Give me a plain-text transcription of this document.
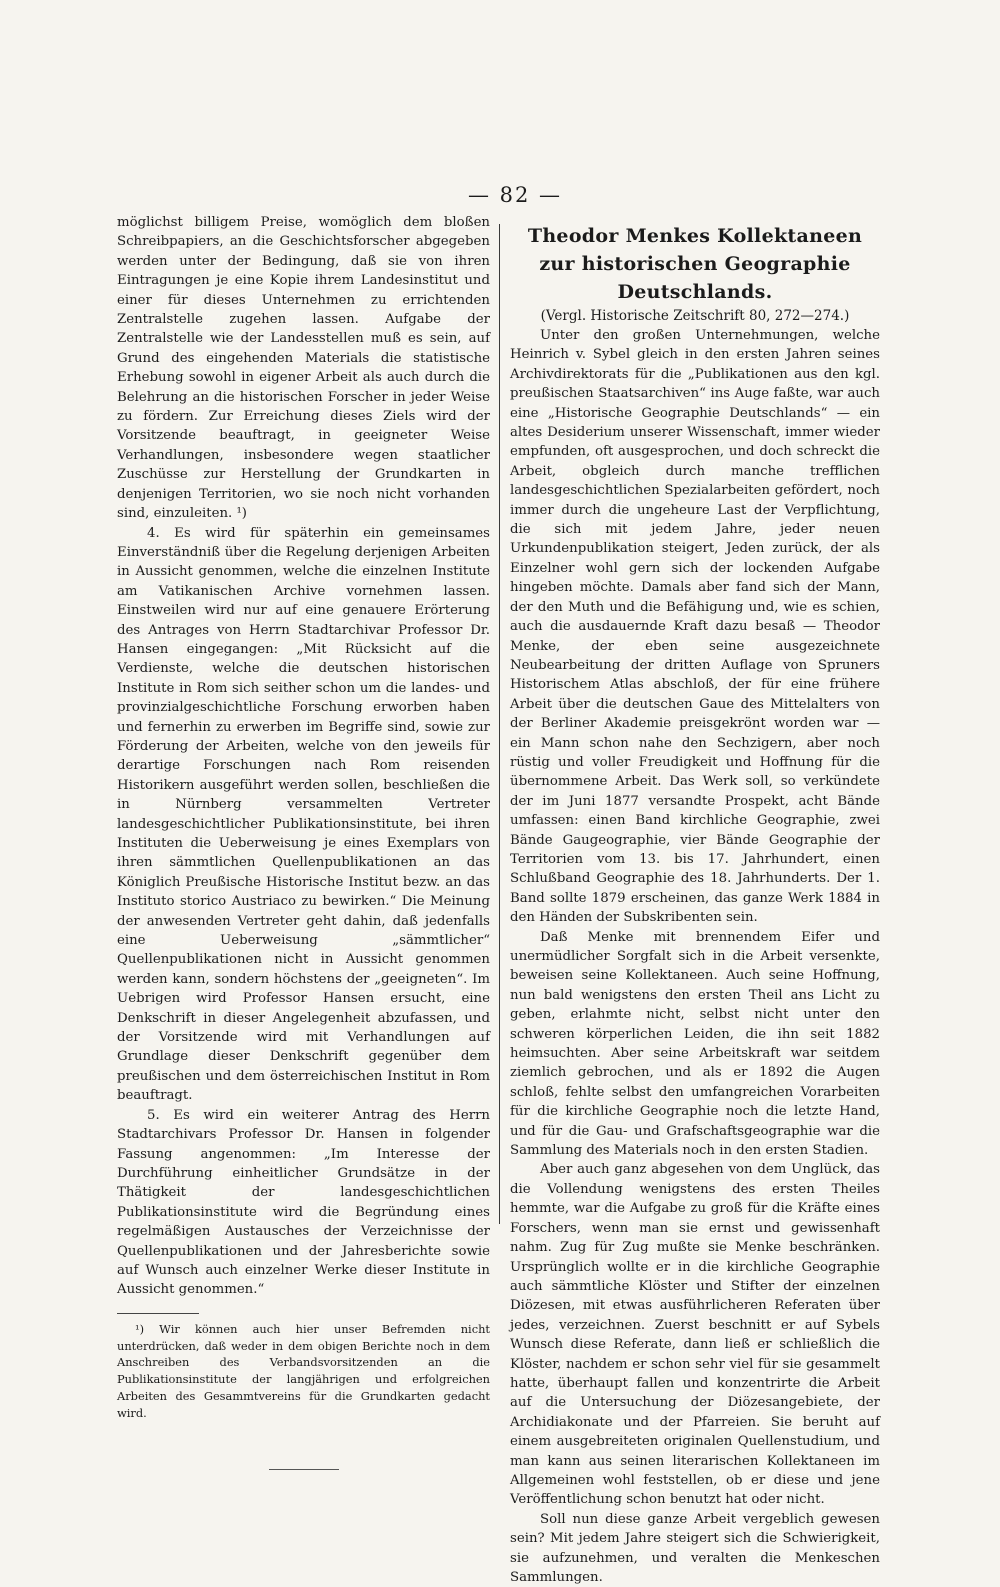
— 82 —

möglichst billigem Preise, womöglich dem bloßen Schreibpapiers, an die Geschichtsforscher abgegeben werden unter der Bedingung, daß sie von ihren Eintragungen je eine Kopie ihrem Landesinstitut und einer für dieses Unternehmen zu errichtenden Zentralstelle zugehen lassen. Aufgabe der Zentralstelle wie der Landesstellen muß es sein, auf Grund des eingehenden Materials die statistische Erhebung sowohl in eigener Arbeit als auch durch die Belehrung an die historischen Forscher in jeder Weise zu fördern. Zur Erreichung dieses Ziels wird der Vorsitzende beauftragt, in geeigneter Weise Verhandlungen, insbesondere wegen staatlicher Zuschüsse zur Herstellung der Grundkarten in denjenigen Territorien, wo sie noch nicht vorhanden sind, einzuleiten. ¹)

4. Es wird für späterhin ein gemeinsames Einverständniß über die Regelung derjenigen Arbeiten in Aussicht genommen, welche die einzelnen Institute am Vatikanischen Archive vornehmen lassen. Einstweilen wird nur auf eine genauere Erörterung des Antrages von Herrn Stadtarchivar Professor Dr. Hansen eingegangen: „Mit Rücksicht auf die Verdienste, welche die deutschen historischen Institute in Rom sich seither schon um die landes- und provinzialgeschichtliche Forschung erworben haben und fernerhin zu erwerben im Begriffe sind, sowie zur Förderung der Arbeiten, welche von den jeweils für derartige Forschungen nach Rom reisenden Historikern ausgeführt werden sollen, beschließen die in Nürnberg versammelten Vertreter landesgeschichtlicher Publikationsinstitute, bei ihren Instituten die Ueberweisung je eines Exemplars von ihren sämmtlichen Quellenpublikationen an das Königlich Preußische Historische Institut bezw. an das Instituto storico Austriaco zu bewirken.“ Die Meinung der anwesenden Vertreter geht dahin, daß jedenfalls eine Ueberweisung „sämmtlicher“ Quellenpublikationen nicht in Aussicht genommen werden kann, sondern höchstens der „geeigneten“. Im Uebrigen wird Professor Hansen ersucht, eine Denkschrift in dieser Angelegenheit abzufassen, und der Vorsitzende wird mit Verhandlungen auf Grundlage dieser Denkschrift gegenüber dem preußischen und dem österreichischen Institut in Rom beauftragt.

5. Es wird ein weiterer Antrag des Herrn Stadtarchivars Professor Dr. Hansen in folgender Fassung angenommen: „Im Interesse der Durchführung einheitlicher Grundsätze in der Thätigkeit der landesgeschichtlichen Publikationsinstitute wird die Begründung eines regelmäßigen Austausches der Verzeichnisse der Quellenpublikationen und der Jahresberichte sowie auf Wunsch auch einzelner Werke dieser Institute in Aussicht genommen.“

¹) Wir können auch hier unser Befremden nicht unterdrücken, daß weder in dem obigen Berichte noch in dem Anschreiben des Verbandsvorsitzenden an die Publikationsinstitute der langjährigen und erfolgreichen Arbeiten des Gesammtvereins für die Grundkarten gedacht wird.

Theodor Menkes Kollektaneen zur historischen Geographie Deutschlands.

(Vergl. Historische Zeitschrift 80, 272—274.)

Unter den großen Unternehmungen, welche Heinrich v. Sybel gleich in den ersten Jahren seines Archivdirektorats für die „Publikationen aus den kgl. preußischen Staatsarchiven“ ins Auge faßte, war auch eine „Historische Geographie Deutschlands“ — ein altes Desiderium unserer Wissenschaft, immer wieder empfunden, oft ausgesprochen, und doch schreckt die Arbeit, obgleich durch manche trefflichen landesgeschichtlichen Spezialarbeiten gefördert, noch immer durch die ungeheure Last der Verpflichtung, die sich mit jedem Jahre, jeder neuen Urkundenpublikation steigert, Jeden zurück, der als Einzelner wohl gern sich der lockenden Aufgabe hingeben möchte. Damals aber fand sich der Mann, der den Muth und die Befähigung und, wie es schien, auch die ausdauernde Kraft dazu besaß — Theodor Menke, der eben seine ausgezeichnete Neubearbeitung der dritten Auflage von Spruners Historischem Atlas abschloß, der für eine frühere Arbeit über die deutschen Gaue des Mittelalters von der Berliner Akademie preisgekrönt worden war — ein Mann schon nahe den Sechzigern, aber noch rüstig und voller Freudigkeit und Hoffnung für die übernommene Arbeit. Das Werk soll, so verkündete der im Juni 1877 versandte Prospekt, acht Bände umfassen: einen Band kirchliche Geographie, zwei Bände Gaugeographie, vier Bände Geographie der Territorien vom 13. bis 17. Jahrhundert, einen Schlußband Geographie des 18. Jahrhunderts. Der 1. Band sollte 1879 erscheinen, das ganze Werk 1884 in den Händen der Subskribenten sein.

Daß Menke mit brennendem Eifer und unermüdlicher Sorgfalt sich in die Arbeit versenkte, beweisen seine Kollektaneen. Auch seine Hoffnung, nun bald wenigstens den ersten Theil ans Licht zu geben, erlahmte nicht, selbst nicht unter den schweren körperlichen Leiden, die ihn seit 1882 heimsuchten. Aber seine Arbeitskraft war seitdem ziemlich gebrochen, und als er 1892 die Augen schloß, fehlte selbst den umfangreichen Vorarbeiten für die kirchliche Geographie noch die letzte Hand, und für die Gau- und Grafschaftsgeographie war die Sammlung des Materials noch in den ersten Stadien.

Aber auch ganz abgesehen von dem Unglück, das die Vollendung wenigstens des ersten Theiles hemmte, war die Aufgabe zu groß für die Kräfte eines Forschers, wenn man sie ernst und gewissenhaft nahm. Zug für Zug mußte sie Menke beschränken. Ursprünglich wollte er in die kirchliche Geographie auch sämmtliche Klöster und Stifter der einzelnen Diözesen, mit etwas ausführlicheren Referaten über jedes, verzeichnen. Zuerst beschnitt er auf Sybels Wunsch diese Referate, dann ließ er schließlich die Klöster, nachdem er schon sehr viel für sie gesammelt hatte, überhaupt fallen und konzentrirte die Arbeit auf die Untersuchung der Diözesangebiete, der Archidiakonate und der Pfarreien. Sie beruht auf einem ausgebreiteten originalen Quellenstudium, und man kann aus seinen literarischen Kollektaneen im Allgemeinen wohl feststellen, ob er diese und jene Veröffentlichung schon benutzt hat oder nicht.

Soll nun diese ganze Arbeit vergeblich gewesen sein? Mit jedem Jahre steigert sich die Schwierigkeit, sie aufzunehmen, und veralten die Menkeschen Sammlungen.
